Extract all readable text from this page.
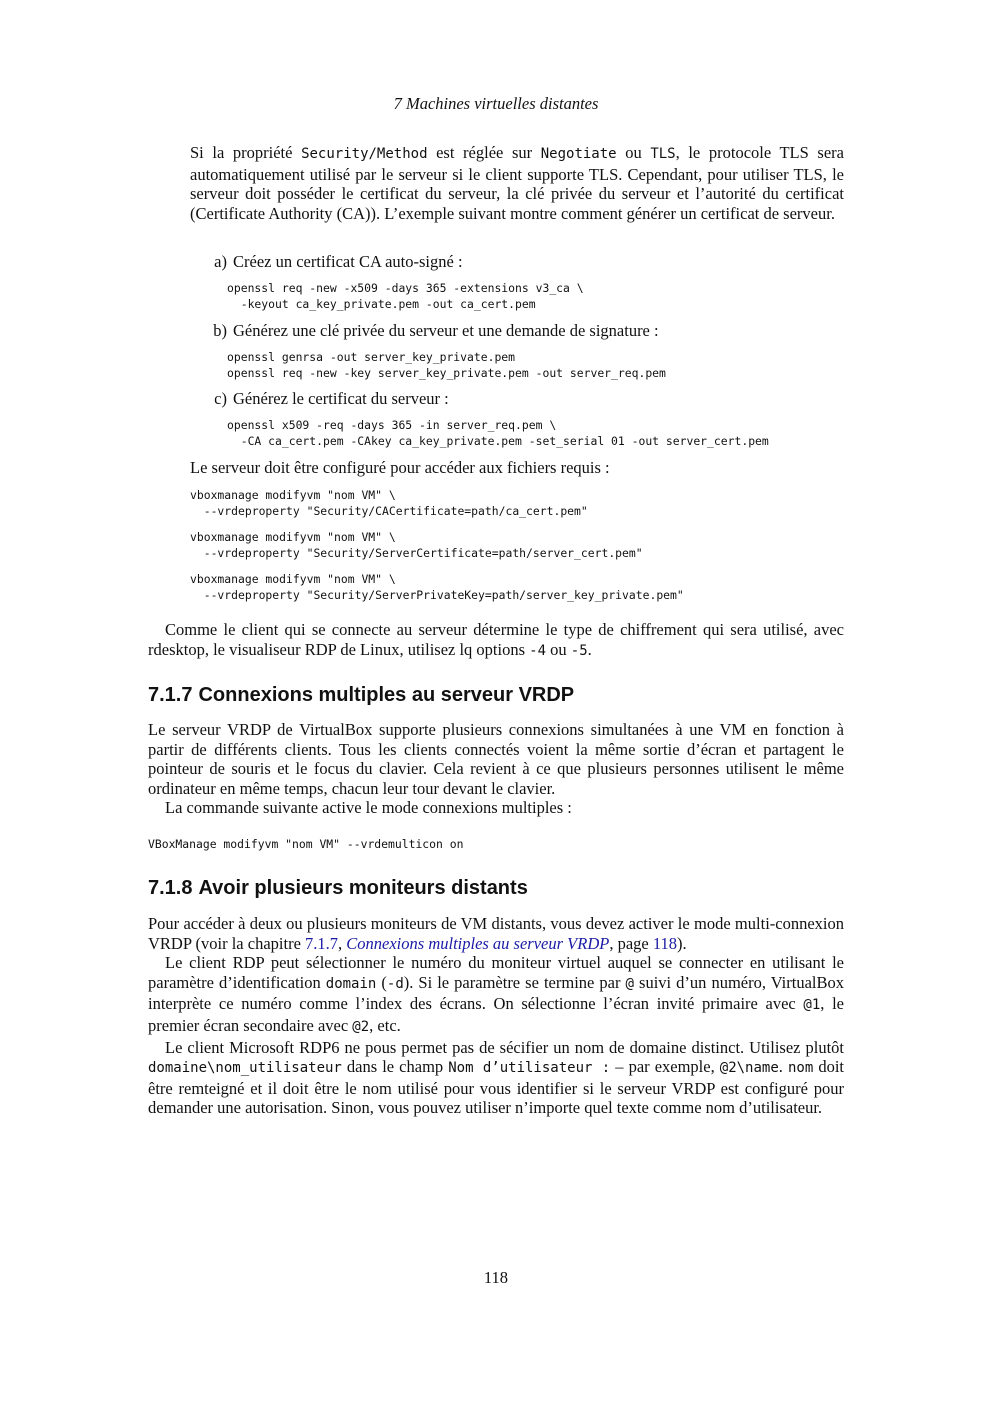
7 Machines virtuelles distantes

Si la propriété Security/Method est réglée sur Negotiate ou TLS, le protocole TLS sera automatiquement utilisé par le serveur si le client supporte TLS. Cependant, pour utiliser TLS, le serveur doit posséder le certificat du serveur, la clé privée du serveur et l’autorité du certificat (Certificate Authority (CA)). L’exemple suivant montre comment générer un certificat de serveur.

a) Créez un certificat CA auto-signé :
openssl req -new -x509 -days 365 -extensions v3_ca \
-keyout ca_key_private.pem -out ca_cert.pem
b) Générez une clé privée du serveur et une demande de signature :
openssl genrsa -out server_key_private.pem
openssl req -new -key server_key_private.pem -out server_req.pem
c) Générez le certificat du serveur :
openssl x509 -req -days 365 -in server_req.pem \
-CA ca_cert.pem -CAkey ca_key_private.pem -set_serial 01 -out server_cert.pem

Le serveur doit être configuré pour accéder aux fichiers requis :

vboxmanage modifyvm "nom VM" \
--vrdeproperty "Security/CACertificate=path/ca_cert.pem"
vboxmanage modifyvm "nom VM" \
--vrdeproperty "Security/ServerCertificate=path/server_cert.pem"
vboxmanage modifyvm "nom VM" \
--vrdeproperty "Security/ServerPrivateKey=path/server_key_private.pem"

Comme le client qui se connecte au serveur détermine le type de chiffrement qui sera utilisé, avec rdesktop, le visualiseur RDP de Linux, utilisez lq options -4 ou -5.

7.1.7 Connexions multiples au serveur VRDP

Le serveur VRDP de VirtualBox supporte plusieurs connexions simultanées à une VM en fonction à partir de différents clients. Tous les clients connectés voient la même sortie d’écran et partagent le pointeur de souris et le focus du clavier. Cela revient à ce que plusieurs personnes utilisent le même ordinateur en même temps, chacun leur tour devant le clavier.

La commande suivante active le mode connexions multiples :

VBoxManage modifyvm "nom VM" --vrdemulticon on
7.1.8 Avoir plusieurs moniteurs distants

Pour accéder à deux ou plusieurs moniteurs de VM distants, vous devez activer le mode multi-connexion VRDP (voir la chapitre 7.1.7, Connexions multiples au serveur VRDP, page 118).

Le client RDP peut sélectionner le numéro du moniteur virtuel auquel se connecter en utilisant le paramètre d’identification domain (-d). Si le paramètre se termine par @ suivi d’un numéro, VirtualBox interprète ce numéro comme l’index des écrans. On sélectionne l’écran invité primaire avec @1, le premier écran secondaire avec @2, etc.

Le client Microsoft RDP6 ne pous permet pas de sécifier un nom de domaine distinct. Utilisez plutôt domaine\nom_utilisateur dans le champ Nom d’utilisateur : – par exemple, @2\name. nom doit être remteigné et il doit être le nom utilisé pour vous identifier si le serveur VRDP est configuré pour demander une autorisation. Sinon, vous pouvez utiliser n’importe quel texte comme nom d’utilisateur.

118
